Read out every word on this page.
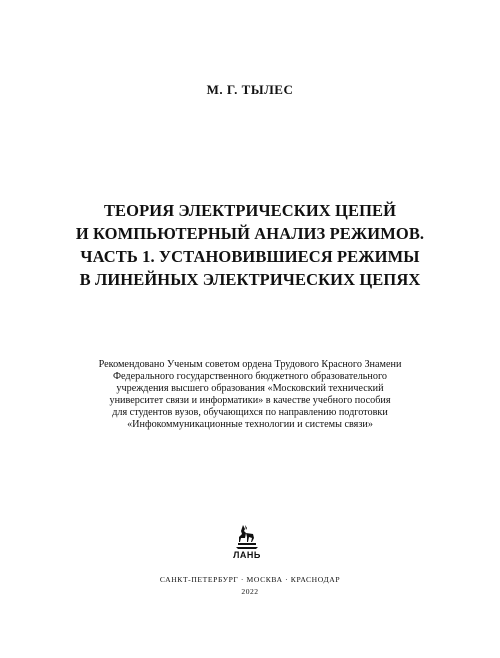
М. Г. ТЫЛЕС
ТЕОРИЯ ЭЛЕКТРИЧЕСКИХ ЦЕПЕЙ
И КОМПЬЮТЕРНЫЙ АНАЛИЗ РЕЖИМОВ.
ЧАСТЬ 1. УСТАНОВИВШИЕСЯ РЕЖИМЫ
В ЛИНЕЙНЫХ ЭЛЕКТРИЧЕСКИХ ЦЕПЯХ
Рекомендовано Ученым советом ордена Трудового Красного Знамени
Федерального государственного бюджетного образовательного
учреждения высшего образования «Московский технический
университет связи и информатики» в качестве учебного пособия
для студентов вузов, обучающихся по направлению подготовки
«Инфокоммуникационные технологии и системы связи»
ЛАНЬ
САНКТ-ПЕТЕРБУРГ · МОСКВА · КРАСНОДАР
2022
